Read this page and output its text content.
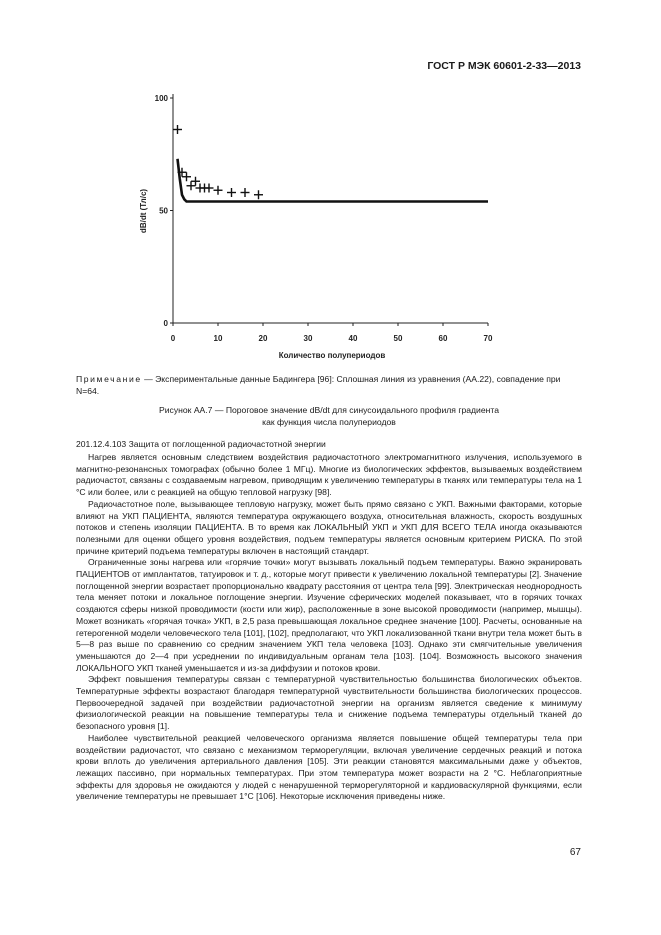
ГОСТ Р МЭК 60601-2-33—2013
0	10	20	30	40	50	60	70
0
50
100
dB/dt (Тл/с)
Количество полупериодов
Примечание — Экспериментальные данные Бадингера [96]: Сплошная линия из уравнения (АА.22), совпадение при N=64.
Рисунок АА.7 — Пороговое значение dB/dt для синусоидального профиля градиента
как функция числа полупериодов
201.12.4.103 Защита от поглощенной радиочастотной энергии

Нагрев является основным следствием воздействия радиочастотного электромагнитного излучения, используемого в магнитно-резонансных томографах (обычно более 1 МГц). Многие из биологических эффектов, вызываемых воздействием радиочастот, связаны с создаваемым нагревом, приводящим к увеличению температуры в тканях или температуры тела на 1 °C или более, или с реакцией на общую тепловой нагрузку [98].

Радиочастотное поле, вызывающее тепловую нагрузку, может быть прямо связано с УКП. Важными факторами, которые влияют на УКП ПАЦИЕНТА, являются температура окружающего воздуха, относительная влажность, скорость воздушных потоков и степень изоляции ПАЦИЕНТА. В то время как ЛОКАЛЬНЫЙ УКП и УКП ДЛЯ ВСЕГО ТЕЛА иногда оказываются полезными для оценки общего уровня воздействия, подъем температуры является основным критерием РИСКА. По этой причине критерий подъема температуры включен в настоящий стандарт.

Ограниченные зоны нагрева или «горячие точки» могут вызывать локальный подъем температуры. Важно экранировать ПАЦИЕНТОВ от имплантатов, татуировок и т. д., которые могут привести к увеличению локальной температуры [2]. Значение поглощенной энергии возрастает пропорционально квадрату расстояния от центра тела [99]. Электрическая неоднородность тела меняет потоки и локальное поглощение энергии. Изучение сферических моделей показывает, что в горячих точках создаются сферы низкой проводимости (кости или жир), расположенные в зоне высокой проводимости (например, мышцы). Может возникать «горячая точка» УКП, в 2,5 раза превышающая локальное среднее значение [100]. Расчеты, основанные на гетерогенной модели человеческого тела [101], [102], предполагают, что УКП локализованной ткани внутри тела может быть в 5—8 раз выше по сравнению со средним значением УКП тела человека [103]. Однако эти смягчительные увеличения уменьшаются до 2—4 при усреднении по индивидуальным органам тела [103]. [104]. Возможность высокого значения ЛОКАЛЬНОГО УКП тканей уменьшается и из-за диффузии и потоков крови.

Эффект повышения температуры связан с температурной чувствительностью большинства биологических объектов. Температурные эффекты возрастают благодаря температурной чувствительности большинства биологических процессов. Первоочередной задачей при воздействии радиочастотной энергии на организм является сведение к минимуму физиологической реакции на повышение температуры тела и снижение подъема температуры отдельный тканей до безопасного уровня [1].

Наиболее чувствительной реакцией человеческого организма является повышение общей температуры тела при воздействии радиочастот, что связано с механизмом терморегуляции, включая увеличение сердечных реакций и потока крови вплоть до увеличения артериального давления [105]. Эти реакции становятся максимальными даже у объектов, лежащих пассивно, при нормальных температурах. При этом температура может возрасти на 2 °C. Неблагоприятные эффекты для здоровья не ожидаются у людей с ненарушенной терморегуляторной и кардиоваскулярной функциями, если увеличение температуры не превышает 1°C [106]. Некоторые исключения приведены ниже.

67
